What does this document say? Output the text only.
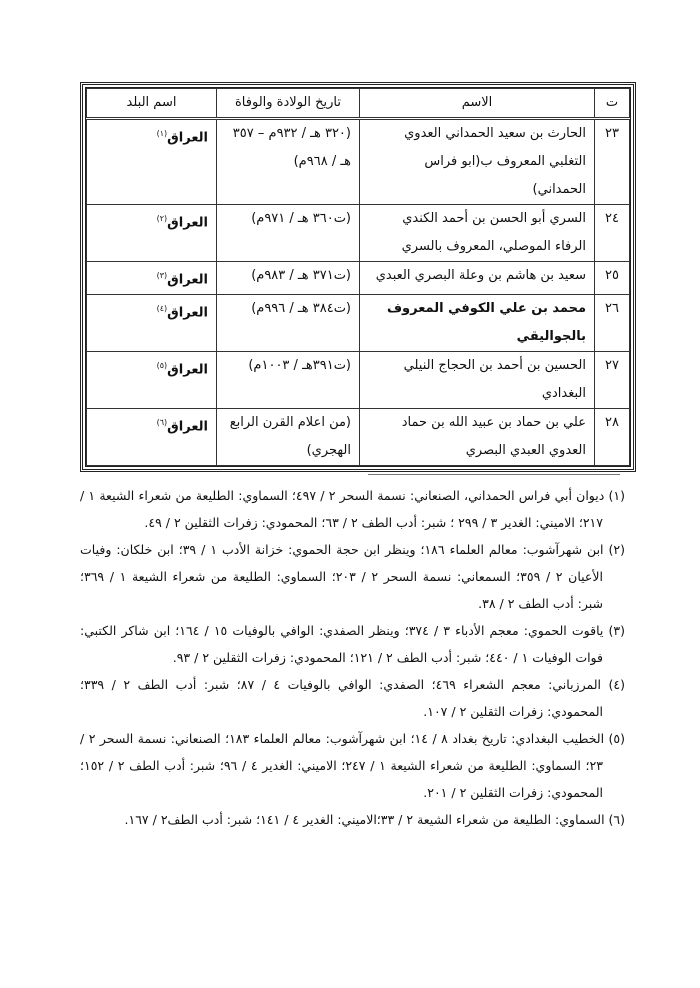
ت	الاسم	تاريخ الولادة والوفاة	اسم البلد
٢٣	الحارث بن سعيد الحمداني العدوي التغلبي المعروف ب(ابو فراس الحمداني)	(٣٢٠ هـ / ٩٣٢م – ٣٥٧ هـ / ٩٦٨م)	العراق$^{(١)}$
٢٤	السري أبو الحسن بن أحمد الكندي الرفاء الموصلي، المعروف بالسري	(ت٣٦٠ هـ / ٩٧١م)	العراق$^{(٢)}$
٢٥	سعيد بن هاشم بن وعلة البصري العبدي	(ت٣٧١ هـ / ٩٨٣م)	العراق$^{(٣)}$
٢٦	محمد بن علي الكوفي المعروف بالجواليقي	(ت٣٨٤ هـ / ٩٩٦م)	العراق$^{(٤)}$
٢٧	الحسين بن أحمد بن الحجاج النيلي البغدادي	(ت٣٩١هـ / ١٠٠٣م)	العراق$^{(٥)}$
٢٨	علي بن حماد بن عبيد الله بن حماد العدوي العبدي البصري	(من اعلام القرن الرابع الهجري)	العراق$^{(٦)}$
(١) ديوان أبي فراس الحمداني، الصنعاني: نسمة السحر ٢ / ٤٩٧؛ السماوي: الطليعة من شعراء الشيعة ١ / ٢١٧؛ الاميني: الغدير ٣ / ٢٩٩ ؛ شبر: أدب الطف ٢ / ٦٣؛ المحمودي: زفرات الثقلين ٢ / ٤٩.
(٢) ابن شهرآشوب: معالم العلماء ١٨٦؛ وينظر ابن حجة الحموي: خزانة الأدب ١ / ٣٩؛ ابن خلكان: وفيات الأعيان ٢ / ٣٥٩؛ السمعاني: نسمة السحر ٢ / ٢٠٣؛ السماوي: الطليعة من شعراء الشيعة ١ / ٣٦٩؛ شبر: أدب الطف ٢ / ٣٨.
(٣) ياقوت الحموي: معجم الأدباء ٣ / ٣٧٤؛ وينظر الصفدي: الوافي بالوفيات ١٥ / ١٦٤؛ ابن شاكر الكتبي: فوات الوفيات ١ / ٤٤٠؛ شبر: أدب الطف ٢ / ١٢١؛ المحمودي: زفرات الثقلين ٢ / ٩٣.
(٤) المرزباني: معجم الشعراء ٤٦٩؛ الصفدي: الوافي بالوفيات ٤ / ٨٧؛ شبر: أدب الطف ٢ / ٣٣٩؛ المحمودي: زفرات الثقلين ٢ / ١٠٧.
(٥) الخطيب البغدادي: تاريخ بغداد ٨ / ١٤؛ ابن شهرآشوب: معالم العلماء ١٨٣؛ الصنعاني: نسمة السحر ٢ / ٢٣؛ السماوي: الطليعة من شعراء الشيعة ١ / ٢٤٧؛ الاميني: الغدير ٤ / ٩٦؛ شبر: أدب الطف ٢ / ١٥٢؛ المحمودي: زفرات الثقلين ٢ / ٢٠١.
(٦) السماوي: الطليعة من شعراء الشيعة ٢ / ٣٣؛الاميني: الغدير ٤ / ١٤١؛ شبر: أدب الطف٢ / ١٦٧.
